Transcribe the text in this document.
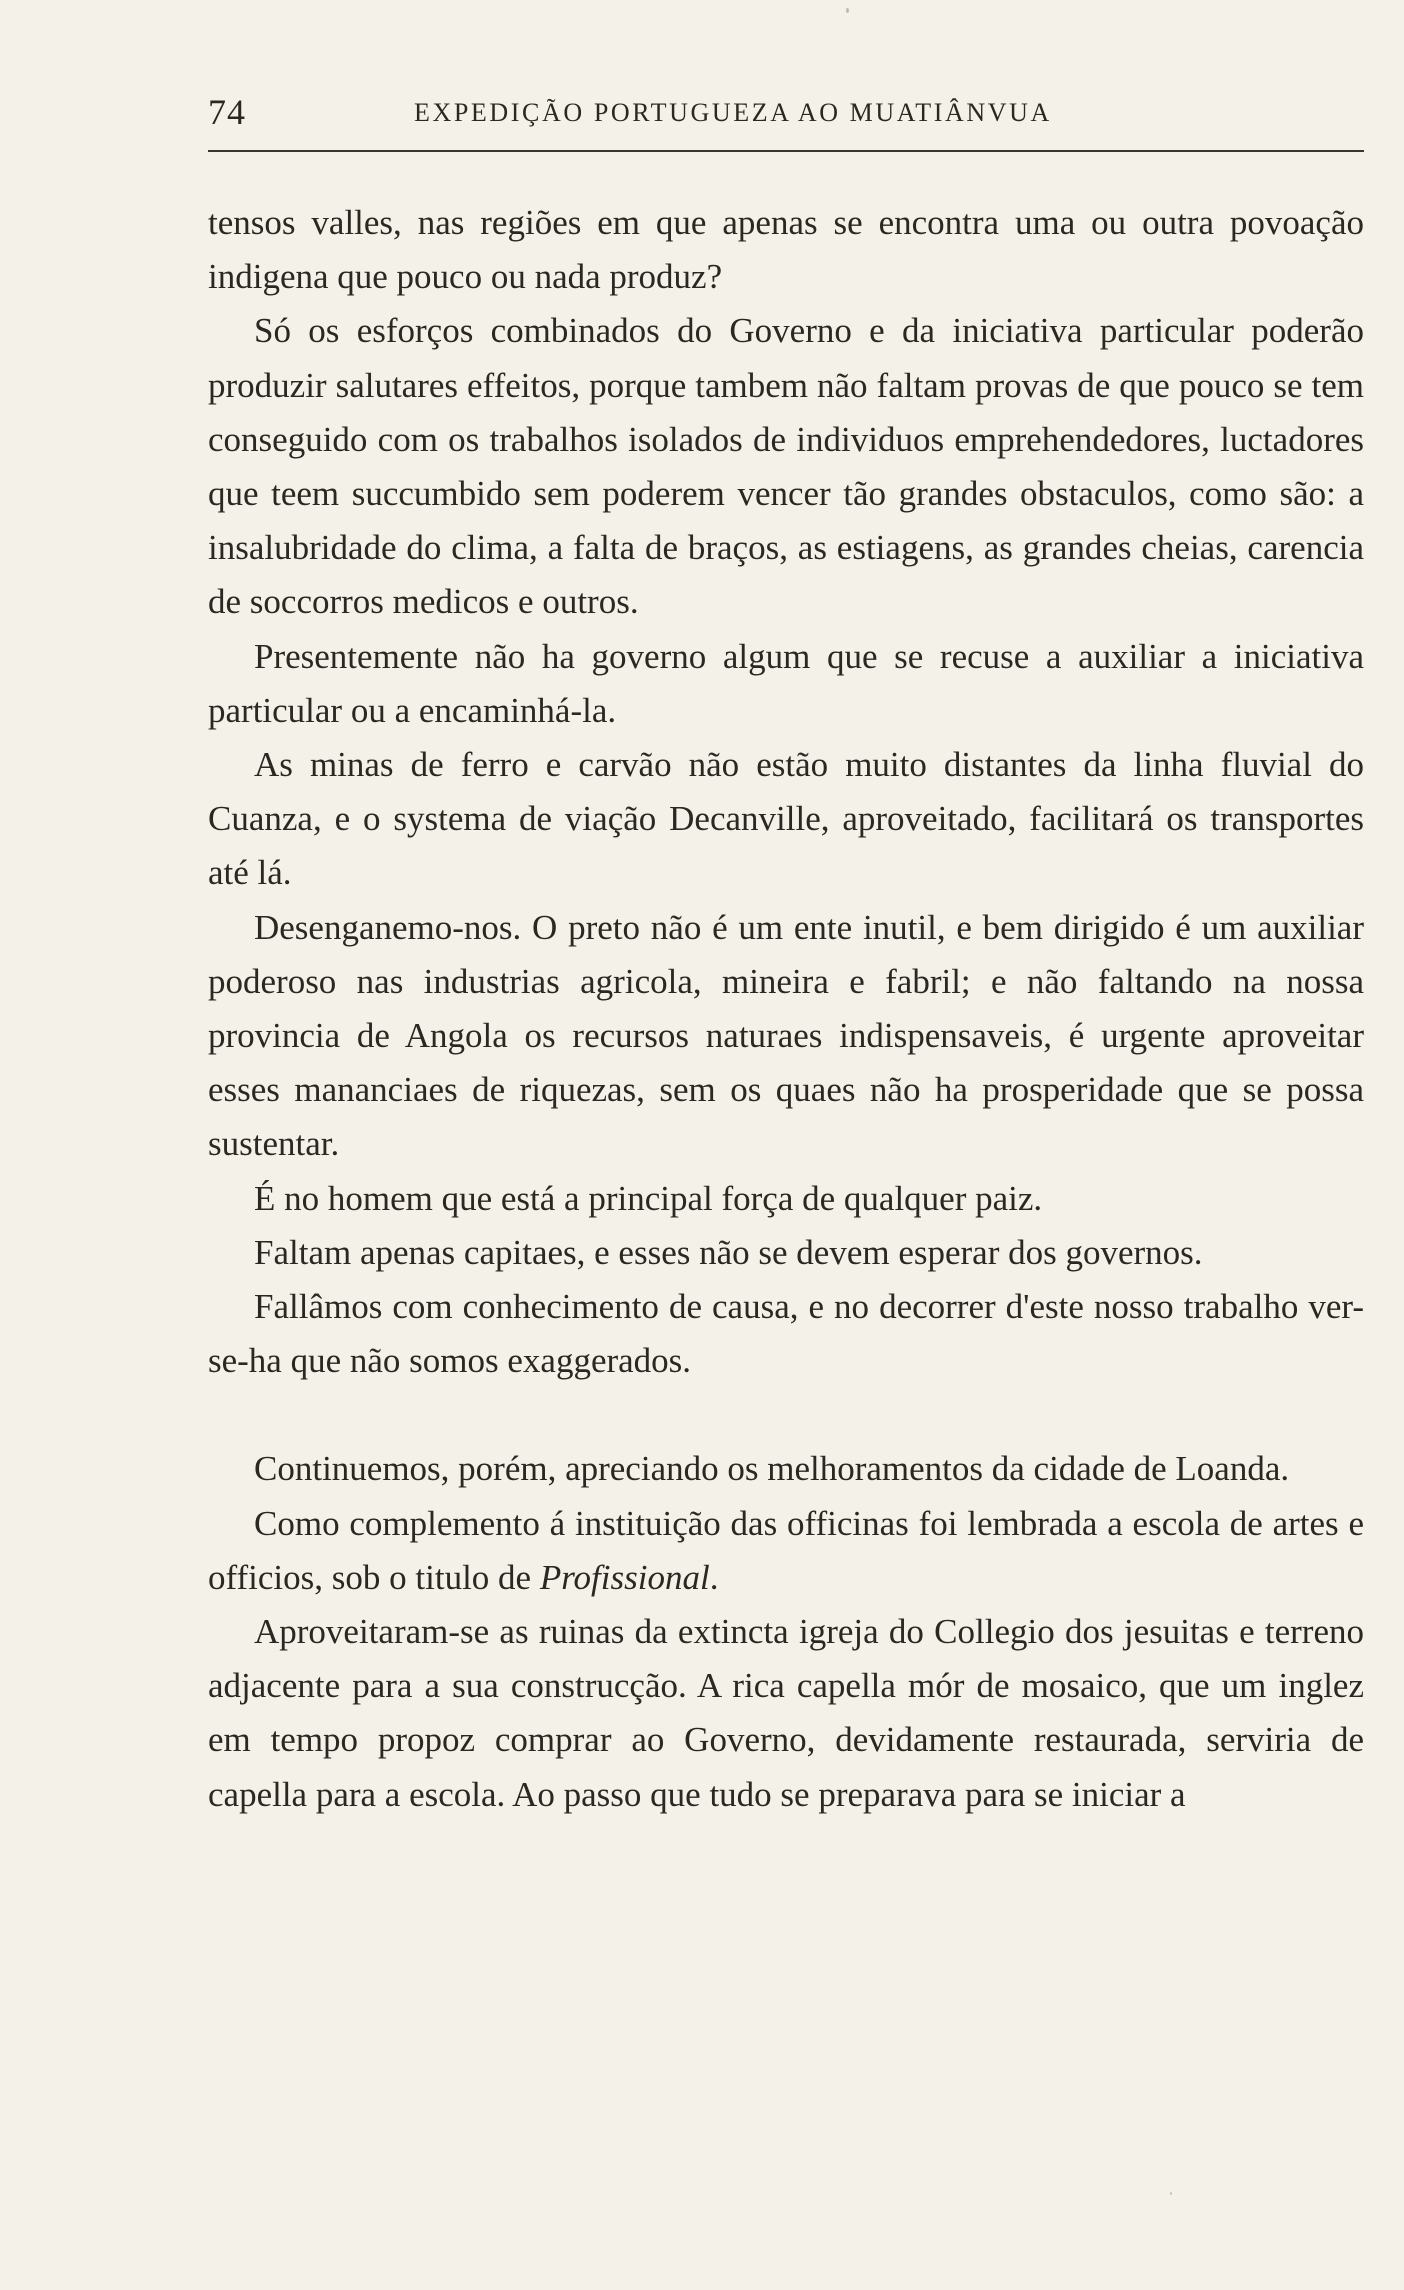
74	EXPEDIÇÃO PORTUGUEZA AO MUATIÂNVUA

tensos valles, nas regiões em que apenas se encontra uma ou outra povoação indigena que pouco ou nada produz?

Só os esforços combinados do Governo e da iniciativa particular poderão produzir salutares effeitos, porque tambem não faltam provas de que pouco se tem conseguido com os trabalhos isolados de individuos emprehendedores, luctadores que teem succumbido sem poderem vencer tão grandes obstaculos, como são: a insalubridade do clima, a falta de braços, as estiagens, as grandes cheias, carencia de soccorros medicos e outros.

Presentemente não ha governo algum que se recuse a auxiliar a iniciativa particular ou a encaminhá-la.

As minas de ferro e carvão não estão muito distantes da linha fluvial do Cuanza, e o systema de viação Decanville, aproveitado, facilitará os transportes até lá.

Desenganemo-nos. O preto não é um ente inutil, e bem dirigido é um auxiliar poderoso nas industrias agricola, mineira e fabril; e não faltando na nossa provincia de Angola os recursos naturaes indispensaveis, é urgente aproveitar esses mananciaes de riquezas, sem os quaes não ha prosperidade que se possa sustentar.

É no homem que está a principal força de qualquer paiz.

Faltam apenas capitaes, e esses não se devem esperar dos governos.

Fallâmos com conhecimento de causa, e no decorrer d'este nosso trabalho ver-se-ha que não somos exaggerados.

Continuemos, porém, apreciando os melhoramentos da cidade de Loanda.

Como complemento á instituição das officinas foi lembrada a escola de artes e officios, sob o titulo de Profissional.

Aproveitaram-se as ruinas da extincta igreja do Collegio dos jesuitas e terreno adjacente para a sua construcção. A rica capella mór de mosaico, que um inglez em tempo propoz comprar ao Governo, devidamente restaurada, serviria de capella para a escola. Ao passo que tudo se preparava para se iniciar a
